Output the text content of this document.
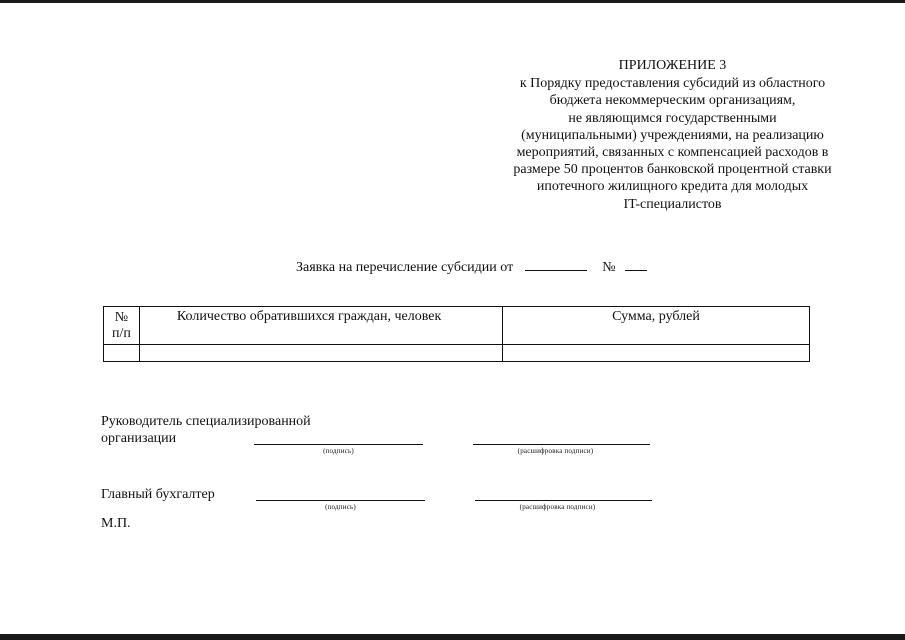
ПРИЛОЖЕНИЕ 3
к Порядку предоставления субсидий из областного
бюджета некоммерческим организациям,
не являющимся государственными
(муниципальными) учреждениями, на реализацию
мероприятий, связанных с компенсацией расходов в
размере 50 процентов банковской процентной ставки
ипотечного жилищного кредита для молодых
IT-специалистов
Заявка на перечисление субсидии от	№
№
п/п	Количество обратившихся граждан, человек	Сумма, рублей

Руководитель специализированной
организации
(подпись)	(расшифровка подписи)
Главный бухгалтер
(подпись)	(расшифровка подписи)
М.П.
